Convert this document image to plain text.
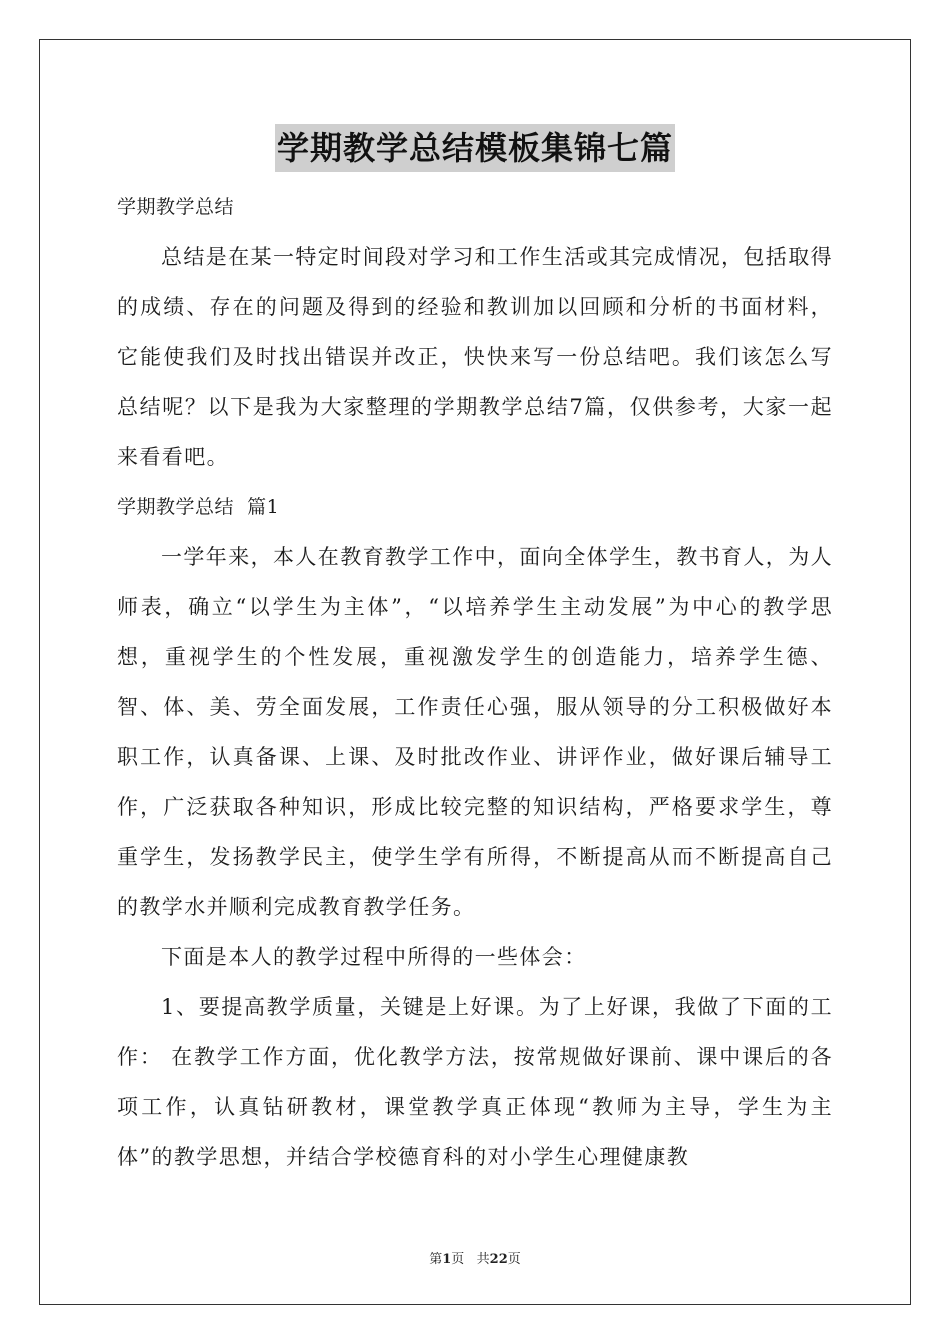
学期教学总结模板集锦七篇

学期教学总结

总结是在某一特定时间段对学习和工作生活或其完成情况，包括取得的成绩、存在的问题及得到的经验和教训加以回顾和分析的书面材料，它能使我们及时找出错误并改正，快快来写一份总结吧。我们该怎么写总结呢？以下是我为大家整理的学期教学总结7篇，仅供参考，大家一起来看看吧。

学期教学总结  篇1

一学年来，本人在教育教学工作中，面向全体学生，教书育人，为人师表，确立“以学生为主体”，“以培养学生主动发展”为中心的教学思想，重视学生的个性发展，重视激发学生的创造能力，培养学生德、智、体、美、劳全面发展，工作责任心强，服从领导的分工积极做好本职工作，认真备课、上课、及时批改作业、讲评作业，做好课后辅导工作，广泛获取各种知识，形成比较完整的知识结构，严格要求学生，尊重学生，发扬教学民主，使学生学有所得，不断提高从而不断提高自己的教学水并顺利完成教育教学任务。

下面是本人的教学过程中所得的一些体会：

1、要提高教学质量，关键是上好课。为了上好课，我做了下面的工作： 在教学工作方面，优化教学方法，按常规做好课前、课中课后的各项工作，认真钻研教材，课堂教学真正体现“教师为主导，学生为主体”的教学思想，并结合学校德育科的对小学生心理健康教

第1页   共22页
